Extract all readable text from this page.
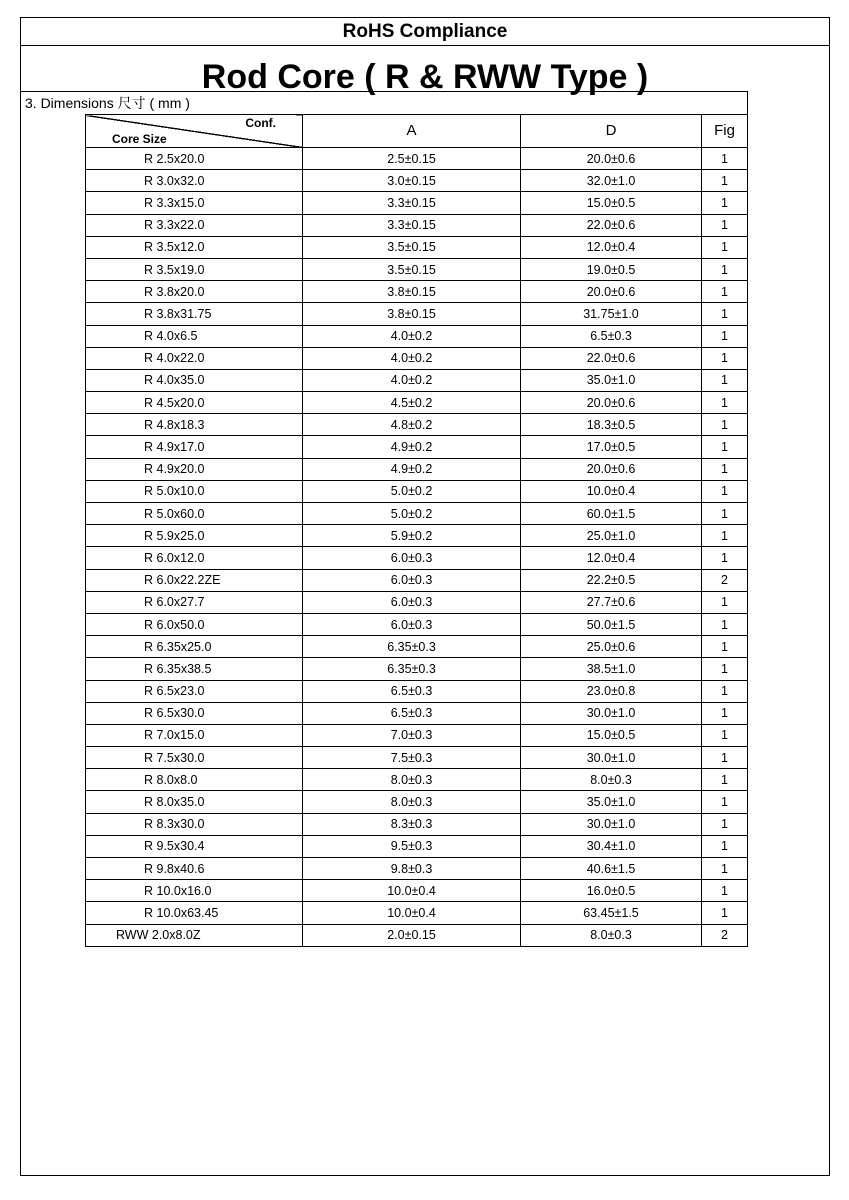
RoHS Compliance
Rod Core ( R & RWW Type )
3. Dimensions 尺寸 ( mm )
Conf.
Core Size	A	D	Fig
R 2.5x20.0	2.5±0.15	20.0±0.6	1
R 3.0x32.0	3.0±0.15	32.0±1.0	1
R 3.3x15.0	3.3±0.15	15.0±0.5	1
R 3.3x22.0	3.3±0.15	22.0±0.6	1
R 3.5x12.0	3.5±0.15	12.0±0.4	1
R 3.5x19.0	3.5±0.15	19.0±0.5	1
R 3.8x20.0	3.8±0.15	20.0±0.6	1
R 3.8x31.75	3.8±0.15	31.75±1.0	1
R 4.0x6.5	4.0±0.2	6.5±0.3	1
R 4.0x22.0	4.0±0.2	22.0±0.6	1
R 4.0x35.0	4.0±0.2	35.0±1.0	1
R 4.5x20.0	4.5±0.2	20.0±0.6	1
R 4.8x18.3	4.8±0.2	18.3±0.5	1
R 4.9x17.0	4.9±0.2	17.0±0.5	1
R 4.9x20.0	4.9±0.2	20.0±0.6	1
R 5.0x10.0	5.0±0.2	10.0±0.4	1
R 5.0x60.0	5.0±0.2	60.0±1.5	1
R 5.9x25.0	5.9±0.2	25.0±1.0	1
R 6.0x12.0	6.0±0.3	12.0±0.4	1
R 6.0x22.2ZE	6.0±0.3	22.2±0.5	2
R 6.0x27.7	6.0±0.3	27.7±0.6	1
R 6.0x50.0	6.0±0.3	50.0±1.5	1
R 6.35x25.0	6.35±0.3	25.0±0.6	1
R 6.35x38.5	6.35±0.3	38.5±1.0	1
R 6.5x23.0	6.5±0.3	23.0±0.8	1
R 6.5x30.0	6.5±0.3	30.0±1.0	1
R 7.0x15.0	7.0±0.3	15.0±0.5	1
R 7.5x30.0	7.5±0.3	30.0±1.0	1
R 8.0x8.0	8.0±0.3	8.0±0.3	1
R 8.0x35.0	8.0±0.3	35.0±1.0	1
R 8.3x30.0	8.3±0.3	30.0±1.0	1
R 9.5x30.4	9.5±0.3	30.4±1.0	1
R 9.8x40.6	9.8±0.3	40.6±1.5	1
R 10.0x16.0	10.0±0.4	16.0±0.5	1
R 10.0x63.45	10.0±0.4	63.45±1.5	1
RWW 2.0x8.0Z	2.0±0.15	8.0±0.3	2
